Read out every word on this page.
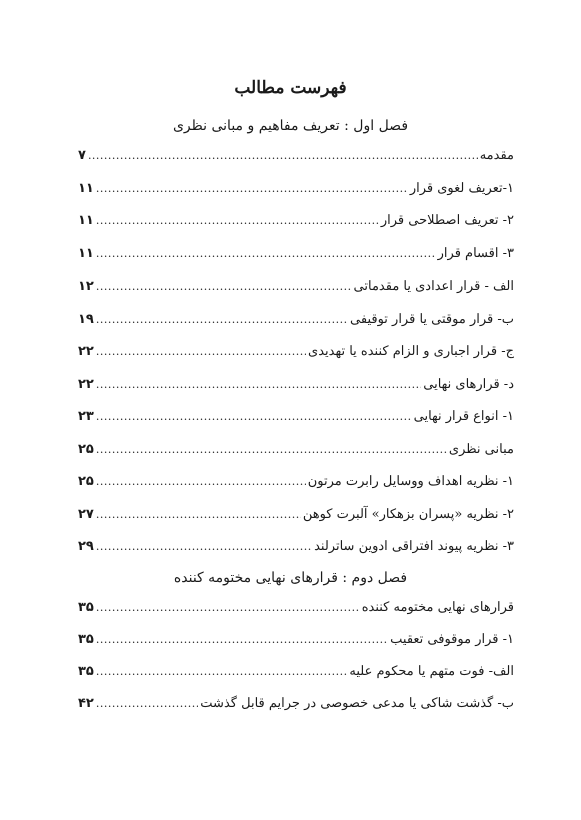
فهرست مطالب
فصل اول : تعریف مفاهیم و مبانی نظری
مقدمه
.....
۷
۱-تعریف لغوی قرار
.....
۱۱
۲- تعریف اصطلاحی قرار
.....
۱۱
۳- اقسام قرار
.....
۱۱
الف - قرار اعدادی یا مقدماتی
.....
۱۲
ب- قرار موقتی یا قرار توقیفی
.....
۱۹
ج- قرار اجباری و الزام کننده یا تهدیدی
.....
۲۲
د- قرارهای نهایی
.....
۲۲
۱- انواع قرار نهایی
.....
۲۳
مبانی نظری
.....
۲۵
۱- نظریه اهداف ووسایل رابرت مرتون
.....
۲۵
۲- نظریه «پسران بزهکار» آلبرت کوهن
.....
۲۷
۳- نظریه پیوند افتراقی ادوین ساترلند
.....
۲۹
فصل دوم : قرارهای نهایی مختومه کننده
قرارهای نهایی مختومه کننده
.....
۳۵
۱- قرار موقوفی تعقیب
.....
۳۵
الف- فوت متهم یا محکوم علیه
.....
۳۵
ب- گذشت شاکی یا مدعی خصوصی در جرایم قابل گذشت
.....
۴۲
